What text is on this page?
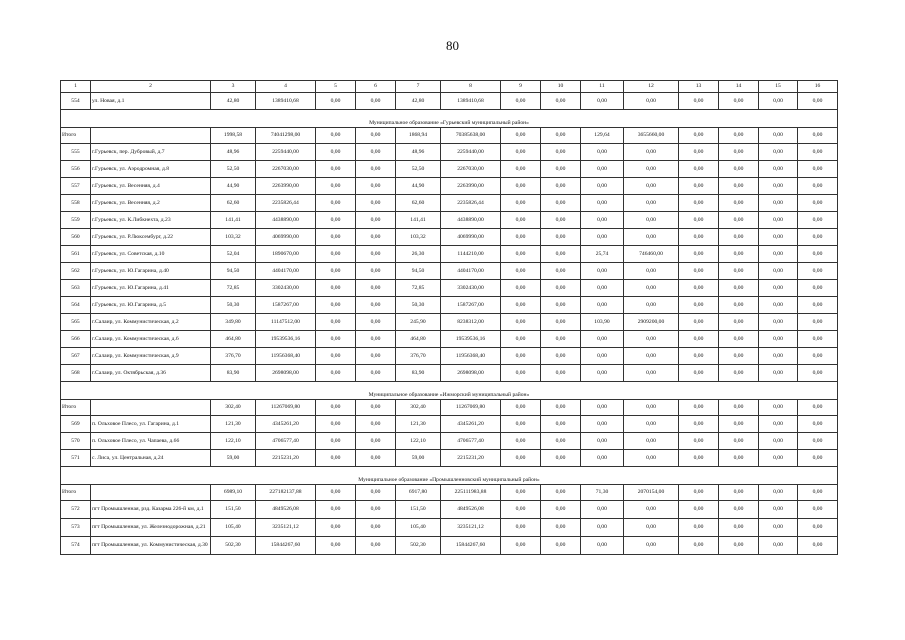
80
1	2	3	4	5	6	7	8	9	10	11	12	13	14	15	16
554	ул. Новая, д.1	42,80	1389410,68	0,00	0,00	42,80	1389410,68	0,00	0,00	0,00	0,00	0,00	0,00	0,00	0,00
Муниципальное образование «Гурьевский муниципальный район»															
Итого		1998,58	74041298,00	0,00	0,00	1868,94	70385638,00	0,00	0,00	129,64	3655660,00	0,00	0,00	0,00	0,00
555	г.Гурьевск, пер. Дубровый, д.7	48,96	2259440,00	0,00	0,00	48,96	2259440,00	0,00	0,00	0,00	0,00	0,00	0,00	0,00	0,00
556	г.Гурьевск, ул. Аэродромная, д.8	52,50	2267030,00	0,00	0,00	52,50	2267030,00	0,00	0,00	0,00	0,00	0,00	0,00	0,00	0,00
557	г.Гурьевск, ул. Весенняя, д.4	44,90	2263990,00	0,00	0,00	44,90	2263990,00	0,00	0,00	0,00	0,00	0,00	0,00	0,00	0,00
558	г.Гурьевск, ул. Весенняя, д.2	62,60	2235826,44	0,00	0,00	62,60	2235826,44	0,00	0,00	0,00	0,00	0,00	0,00	0,00	0,00
559	г.Гурьевск, ул. К.Либкнехта, д.23	141,41	4438890,00	0,00	0,00	141,41	4438890,00	0,00	0,00	0,00	0,00	0,00	0,00	0,00	0,00
560	г.Гурьевск, ул. Р.Люксембург, д.22	103,32	4069990,00	0,00	0,00	103,32	4069990,00	0,00	0,00	0,00	0,00	0,00	0,00	0,00	0,00
561	г.Гурьевск, ул. Советская, д.10	52,04	1890670,00	0,00	0,00	26,30	1144210,00	0,00	0,00	25,74	746460,00	0,00	0,00	0,00	0,00
562	г.Гурьевск, ул. Ю.Гагарина, д.40	94,50	4404170,00	0,00	0,00	94,50	4404170,00	0,00	0,00	0,00	0,00	0,00	0,00	0,00	0,00
563	г.Гурьевск, ул. Ю.Гагарина, д.41	72,85	3302430,00	0,00	0,00	72,85	3302430,00	0,00	0,00	0,00	0,00	0,00	0,00	0,00	0,00
564	г.Гурьевск, ул. Ю.Гагарина, д.5	50,30	1587267,00	0,00	0,00	50,30	1587267,00	0,00	0,00	0,00	0,00	0,00	0,00	0,00	0,00
565	г.Салаир, ул. Коммунистическая, д.2	349,80	11147512,00	0,00	0,00	245,90	8238312,00	0,00	0,00	103,90	2909200,00	0,00	0,00	0,00	0,00
566	г.Салаир, ул. Коммунистическая, д.6	464,80	19539536,16	0,00	0,00	464,80	19539536,16	0,00	0,00	0,00	0,00	0,00	0,00	0,00	0,00
567	г.Салаир, ул. Коммунистическая, д.9	376,70	11956368,40	0,00	0,00	376,70	11956368,40	0,00	0,00	0,00	0,00	0,00	0,00	0,00	0,00
568	г.Салаир, ул. Октябрьская, д.36	83,90	2698098,00	0,00	0,00	83,90	2698098,00	0,00	0,00	0,00	0,00	0,00	0,00	0,00	0,00
Муниципальное образование «Ижморский муниципальный район»															
Итого		302,40	11267069,80	0,00	0,00	302,40	11267069,80	0,00	0,00	0,00	0,00	0,00	0,00	0,00	0,00
569	п. Ольховое Плесо, ул. Гагарина, д.1	121,30	4345261,20	0,00	0,00	121,30	4345261,20	0,00	0,00	0,00	0,00	0,00	0,00	0,00	0,00
570	п. Ольховое Плесо, ул. Чапаева, д.66	122,10	4706577,40	0,00	0,00	122,10	4706577,40	0,00	0,00	0,00	0,00	0,00	0,00	0,00	0,00
571	с. Лиса, ул. Центральная, д.24	59,00	2215231,20	0,00	0,00	59,00	2215231,20	0,00	0,00	0,00	0,00	0,00	0,00	0,00	0,00
Муниципальное образование «Промышленновский муниципальный район»															
Итого		6989,10	227182137,88	0,00	0,00	6917,80	225111983,88	0,00	0,00	71,30	2070154,00	0,00	0,00	0,00	0,00
572	пгт Промышленная, рзд. Казарма 226-й км, д.1	151,50	4849526,08	0,00	0,00	151,50	4849526,08	0,00	0,00	0,00	0,00	0,00	0,00	0,00	0,00
573	пгт Промышленная, ул. Железнодорожная, д.21	105,40	3235121,12	0,00	0,00	105,40	3235121,12	0,00	0,00	0,00	0,00	0,00	0,00	0,00	0,00
574	пгт Промышленная, ул. Коммунистическая, д.30	502,30	15844267,60	0,00	0,00	502,30	15844267,60	0,00	0,00	0,00	0,00	0,00	0,00	0,00	0,00
